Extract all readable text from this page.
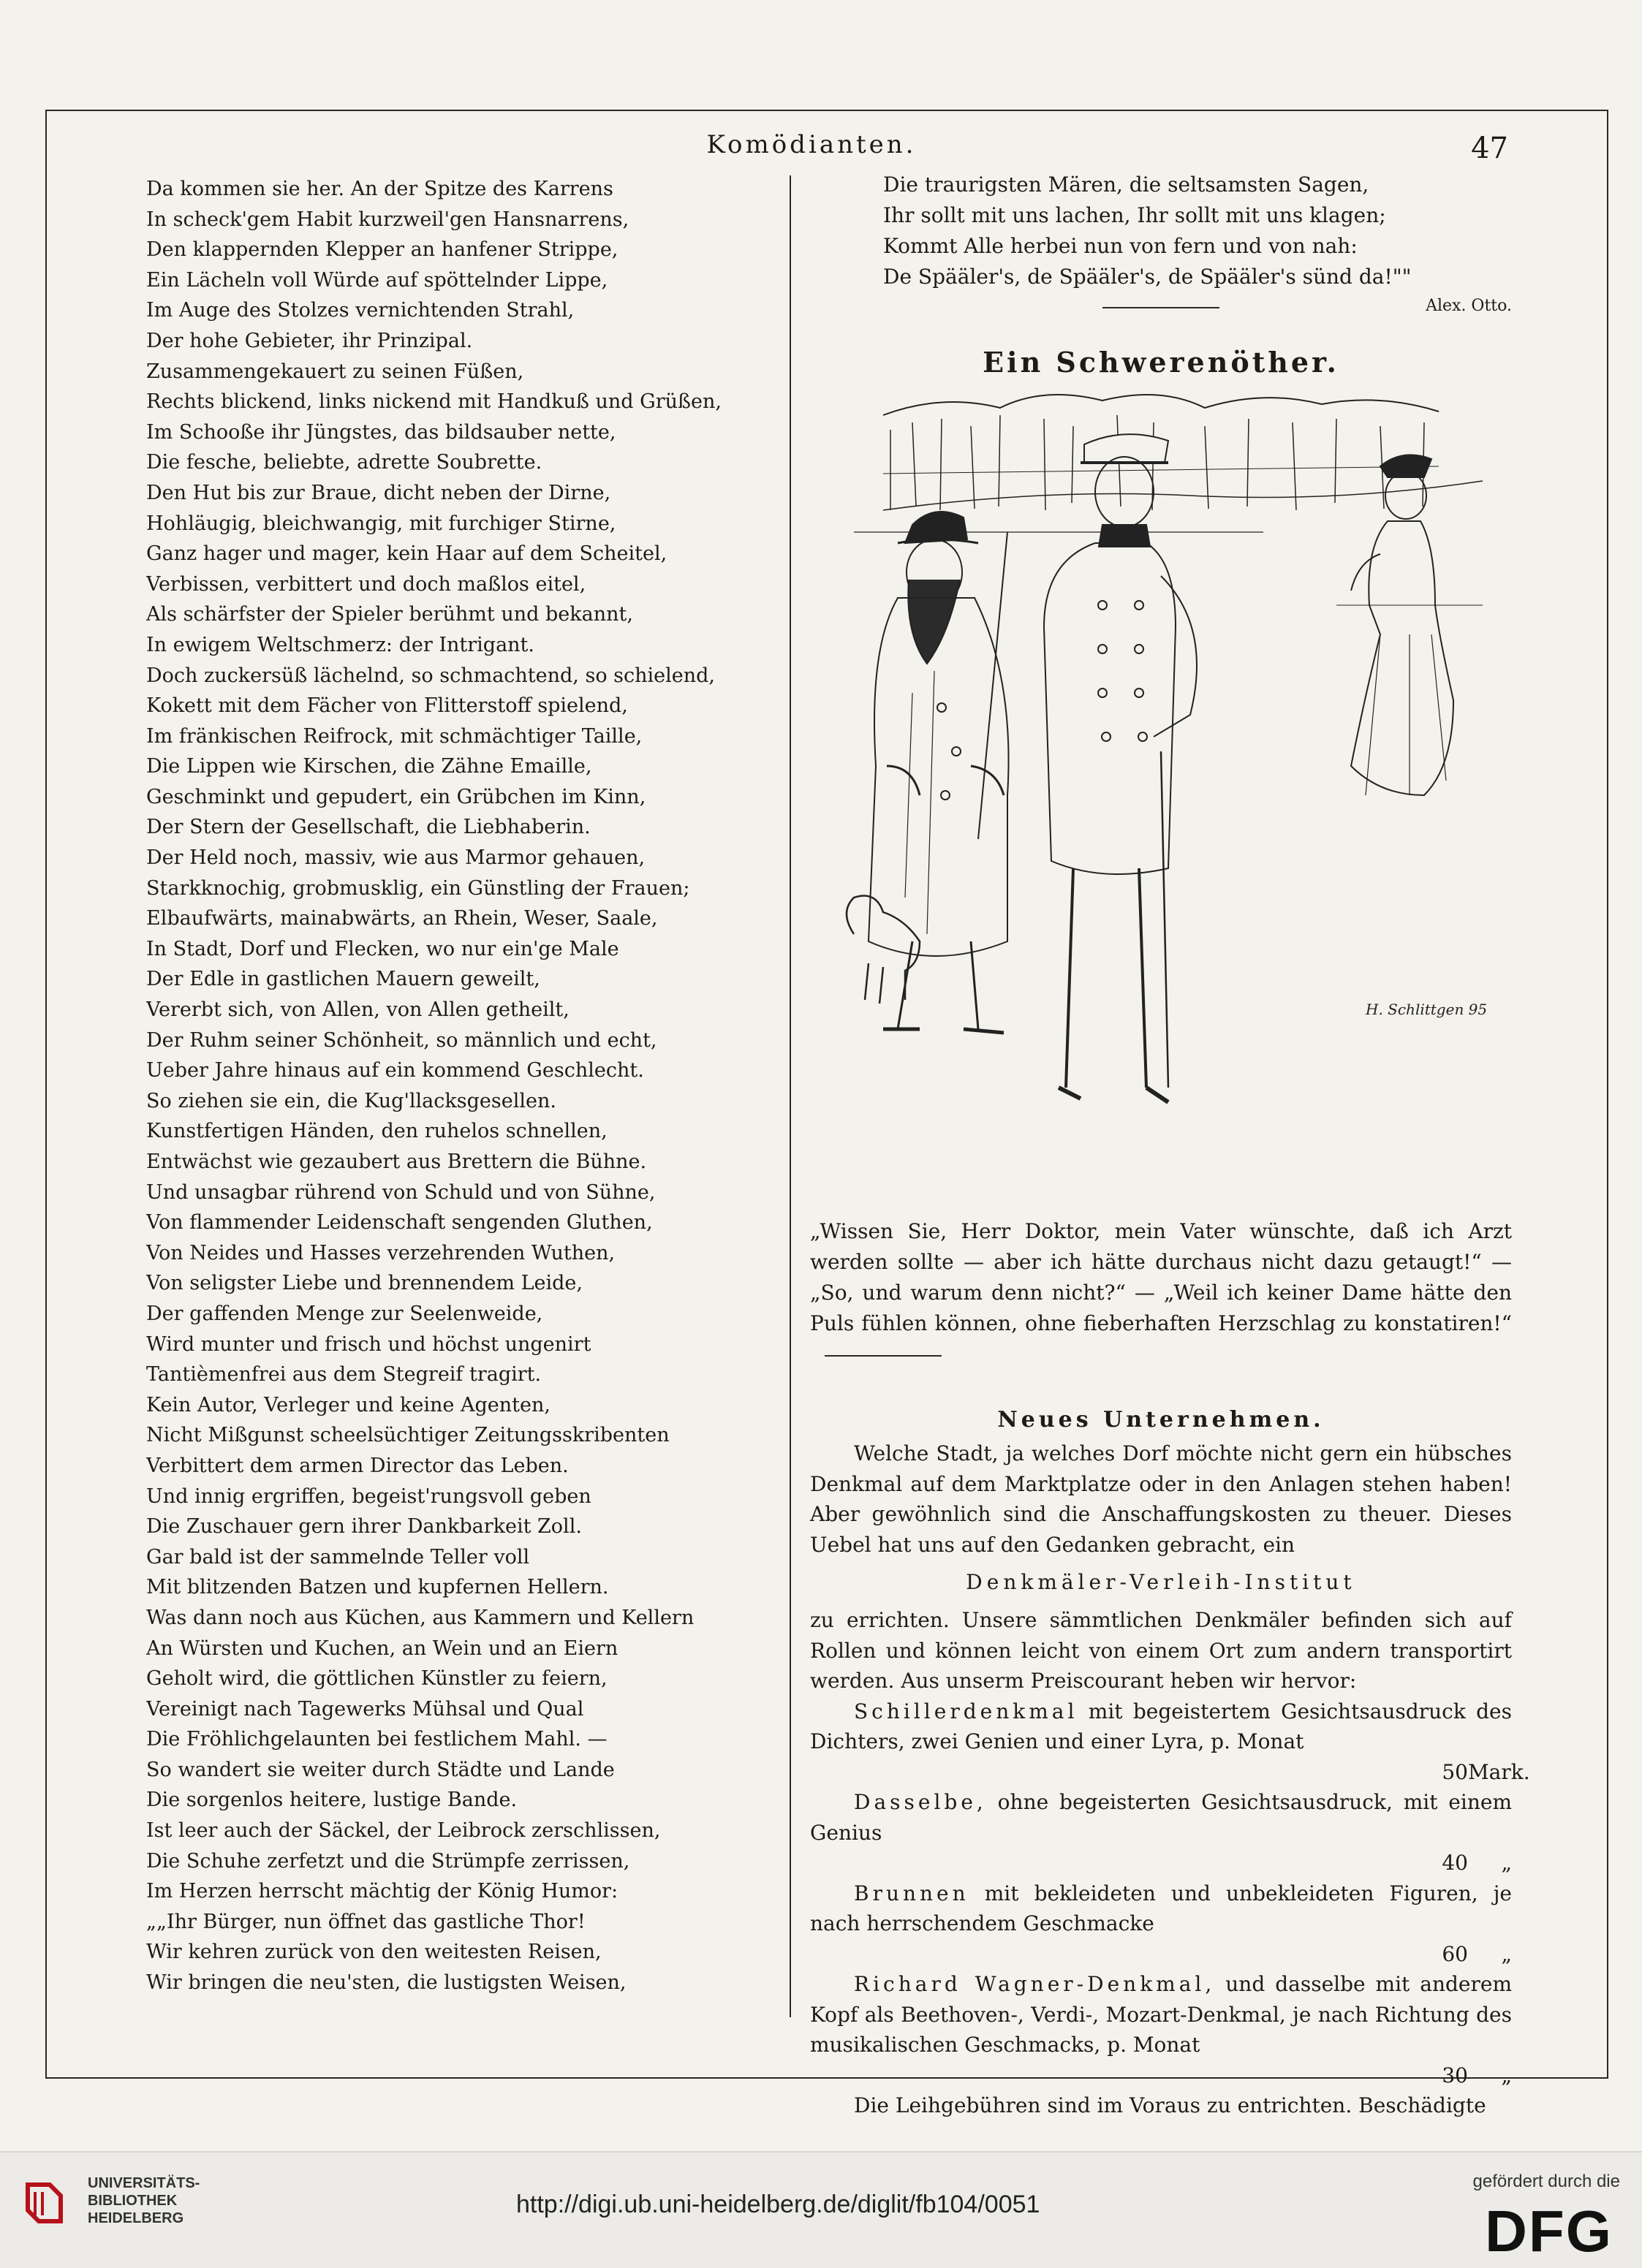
Komödianten.	47
Da kommen sie her. An der Spitze des Karrens
In scheck'gem Habit kurzweil'gen Hansnarrens,
Den klappernden Klepper an hanfener Strippe,
Ein Lächeln voll Würde auf spöttelnder Lippe,
Im Auge des Stolzes vernichtenden Strahl,
Der hohe Gebieter, ihr Prinzipal.
Zusammengekauert zu seinen Füßen,
Rechts blickend, links nickend mit Handkuß und Grüßen,
Im Schooße ihr Jüngstes, das bildsauber nette,
Die fesche, beliebte, adrette Soubrette.
Den Hut bis zur Braue, dicht neben der Dirne,
Hohläugig, bleichwangig, mit furchiger Stirne,
Ganz hager und mager, kein Haar auf dem Scheitel,
Verbissen, verbittert und doch maßlos eitel,
Als schärfster der Spieler berühmt und bekannt,
In ewigem Weltschmerz: der Intrigant.
Doch zuckersüß lächelnd, so schmachtend, so schielend,
Kokett mit dem Fächer von Flitterstoff spielend,
Im fränkischen Reifrock, mit schmächtiger Taille,
Die Lippen wie Kirschen, die Zähne Emaille,
Geschminkt und gepudert, ein Grübchen im Kinn,
Der Stern der Gesellschaft, die Liebhaberin.
Der Held noch, massiv, wie aus Marmor gehauen,
Starkknochig, grobmusklig, ein Günstling der Frauen;
Elbaufwärts, mainabwärts, an Rhein, Weser, Saale,
In Stadt, Dorf und Flecken, wo nur ein'ge Male
Der Edle in gastlichen Mauern geweilt,
Vererbt sich, von Allen, von Allen getheilt,
Der Ruhm seiner Schönheit, so männlich und echt,
Ueber Jahre hinaus auf ein kommend Geschlecht.
So ziehen sie ein, die Kug'llacksgesellen.
Kunstfertigen Händen, den ruhelos schnellen,
Entwächst wie gezaubert aus Brettern die Bühne.
Und unsagbar rührend von Schuld und von Sühne,
Von flammender Leidenschaft sengenden Gluthen,
Von Neides und Hasses verzehrenden Wuthen,
Von seligster Liebe und brennendem Leide,
Der gaffenden Menge zur Seelenweide,
Wird munter und frisch und höchst ungenirt
Tantièmenfrei aus dem Stegreif tragirt.
Kein Autor, Verleger und keine Agenten,
Nicht Mißgunst scheelsüchtiger Zeitungsskribenten
Verbittert dem armen Director das Leben.
Und innig ergriffen, begeist'rungsvoll geben
Die Zuschauer gern ihrer Dankbarkeit Zoll.
Gar bald ist der sammelnde Teller voll
Mit blitzenden Batzen und kupfernen Hellern.
Was dann noch aus Küchen, aus Kammern und Kellern
An Würsten und Kuchen, an Wein und an Eiern
Geholt wird, die göttlichen Künstler zu feiern,
Vereinigt nach Tagewerks Mühsal und Qual
Die Fröhlichgelaunten bei festlichem Mahl. —
So wandert sie weiter durch Städte und Lande
Die sorgenlos heitere, lustige Bande.
Ist leer auch der Säckel, der Leibrock zerschlissen,
Die Schuhe zerfetzt und die Strümpfe zerrissen,
Im Herzen herrscht mächtig der König Humor:
„„Ihr Bürger, nun öffnet das gastliche Thor!
Wir kehren zurück von den weitesten Reisen,
Wir bringen die neu'sten, die lustigsten Weisen,
Die traurigsten Mären, die seltsamsten Sagen,
Ihr sollt mit uns lachen, Ihr sollt mit uns klagen;
Kommt Alle herbei nun von fern und von nah:
De Spääler's, de Spääler's, de Spääler's sünd da!""
Alex. Otto.
Ein Schwerenöther.
H. Schlittgen 95
„Wissen Sie, Herr Doktor, mein Vater wünschte, daß ich Arzt werden sollte — aber ich hätte durchaus nicht dazu getaugt!“ — „So, und warum denn nicht?“ — „Weil ich keiner Dame hätte den Puls fühlen können, ohne fieberhaften Herzschlag zu konstatiren!“
Neues Unternehmen.

Welche Stadt, ja welches Dorf möchte nicht gern ein hübsches Denkmal auf dem Marktplatze oder in den Anlagen stehen haben! Aber gewöhnlich sind die Anschaffungskosten zu theuer. Dieses Uebel hat uns auf den Gedanken gebracht, ein

Denkmäler-Verleih-Institut

zu errichten. Unsere sämmtlichen Denkmäler befinden sich auf Rollen und können leicht von einem Ort zum andern transportirt werden. Aus unserm Preiscourant heben wir hervor:

Schillerdenkmal mit begeistertem Gesichtsausdruck des Dichters, zwei Genien und einer Lyra, p. Monat
50 Mark.
Dasselbe, ohne begeisterten Gesichtsausdruck, mit einem Genius
40	„
Brunnen mit bekleideten und unbekleideten Figuren, je nach herrschendem Geschmacke
60	„
Richard Wagner-Denkmal, und dasselbe mit anderem Kopf als Beethoven-, Verdi-, Mozart-Denkmal, je nach Richtung des musikalischen Geschmacks, p. Monat
30	„
Die Leihgebühren sind im Voraus zu entrichten. Beschädigte
UNIVERSITÄTS-
BIBLIOTHEK
HEIDELBERG	http://digi.ub.uni-heidelberg.de/diglit/fb104/0051
gefördert durch die
DFG
